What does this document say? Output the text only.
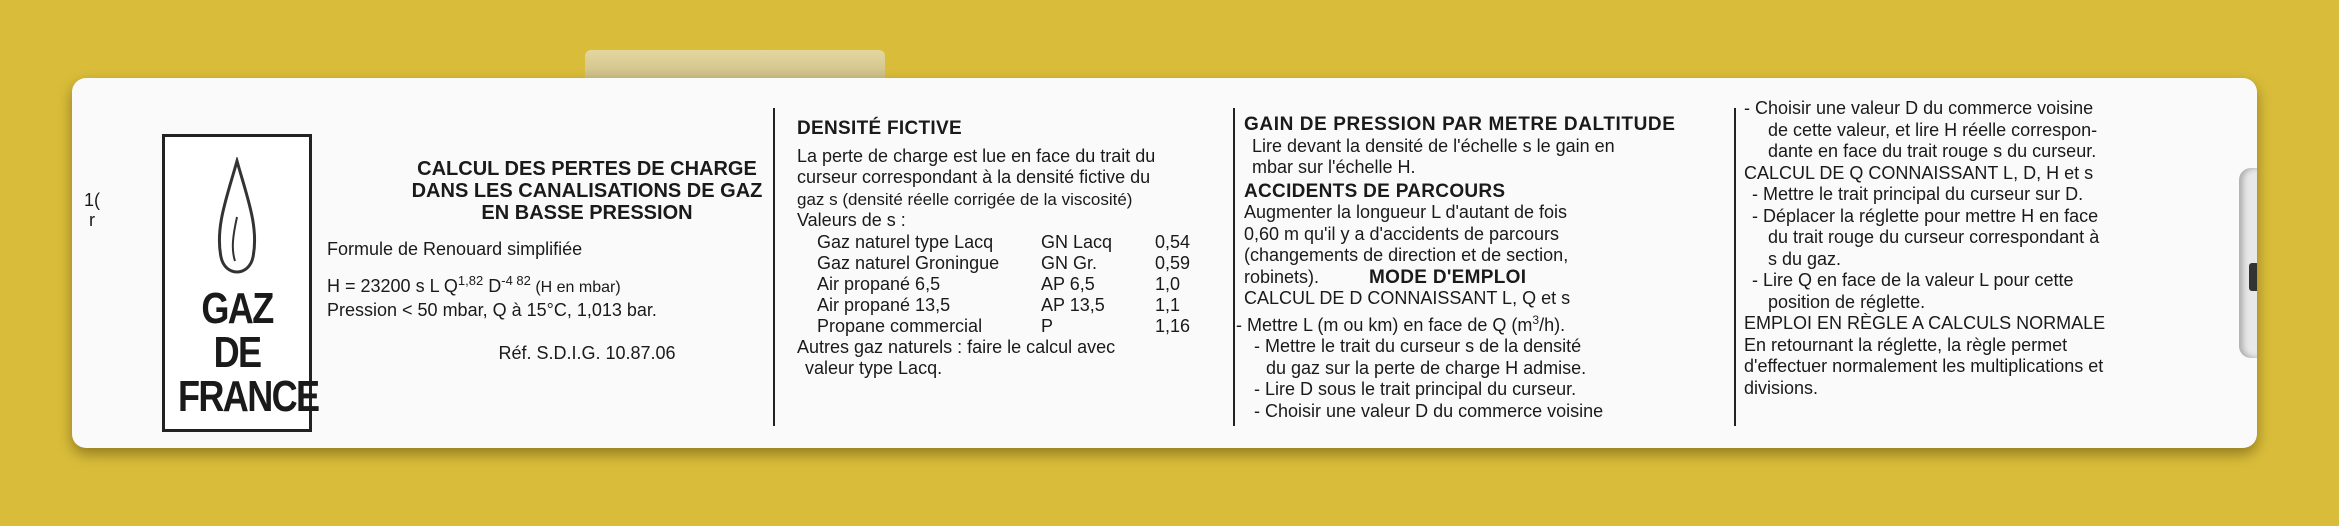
1(
r
GAZ DE
FRANCE
CALCUL DES PERTES DE CHARGE
DANS LES CANALISATIONS DE GAZ
EN BASSE PRESSION
Formule de Renouard simplifiée
H = 23200 s L Q$^{1,82}$ $D^{-4 82}$ (H en mbar)
Pression < 50 mbar, Q à 15°C, 1,013 bar.
Réf. S.D.I.G. 10.87.06
DENSITÉ FICTIVE
La perte de charge est lue en face du trait du
curseur correspondant à la densité fictive du
gaz s (densité réelle corrigée de la viscosité)
Valeurs de s :
Gaz naturel type Lacq	GN Lacq	0,54
Gaz naturel Groningue	GN Gr.	0,59
Air propané 6,5	AP 6,5	1,0
Air propané 13,5	AP 13,5	1,1
Propane commercial	P	1,16
Autres gaz naturels : faire le calcul avec
valeur type Lacq.
GAIN DE PRESSION PAR METRE DALTITUDE
Lire devant la densité de l'échelle s le gain en
mbar sur l'échelle H.
ACCIDENTS DE PARCOURS
Augmenter la longueur L d'autant de fois
0,60 m qu'il y a d'accidents de parcours
(changements de direction et de section,
robinets).	MODE D'EMPLOI
CALCUL DE D CONNAISSANT L, Q et s
- Mettre L (m ou km) en face de Q $(m^3/h)$.
- Mettre le trait du curseur s de la densité
du gaz sur la perte de charge H admise.
- Lire D sous le trait principal du curseur.
- Choisir une valeur D du commerce voisine
- Choisir une valeur D du commerce voisine
de cette valeur, et lire H réelle correspon-
dante en face du trait rouge s du curseur.
CALCUL DE Q CONNAISSANT L, D, H et s
- Mettre le trait principal du curseur sur D.
- Déplacer la réglette pour mettre H en face
du trait rouge du curseur correspondant à
s du gaz.
- Lire Q en face de la valeur L pour cette
position de réglette.
EMPLOI EN RÈGLE A CALCULS NORMALE
En retournant la réglette, la règle permet
d'effectuer normalement les multiplications et
divisions.
